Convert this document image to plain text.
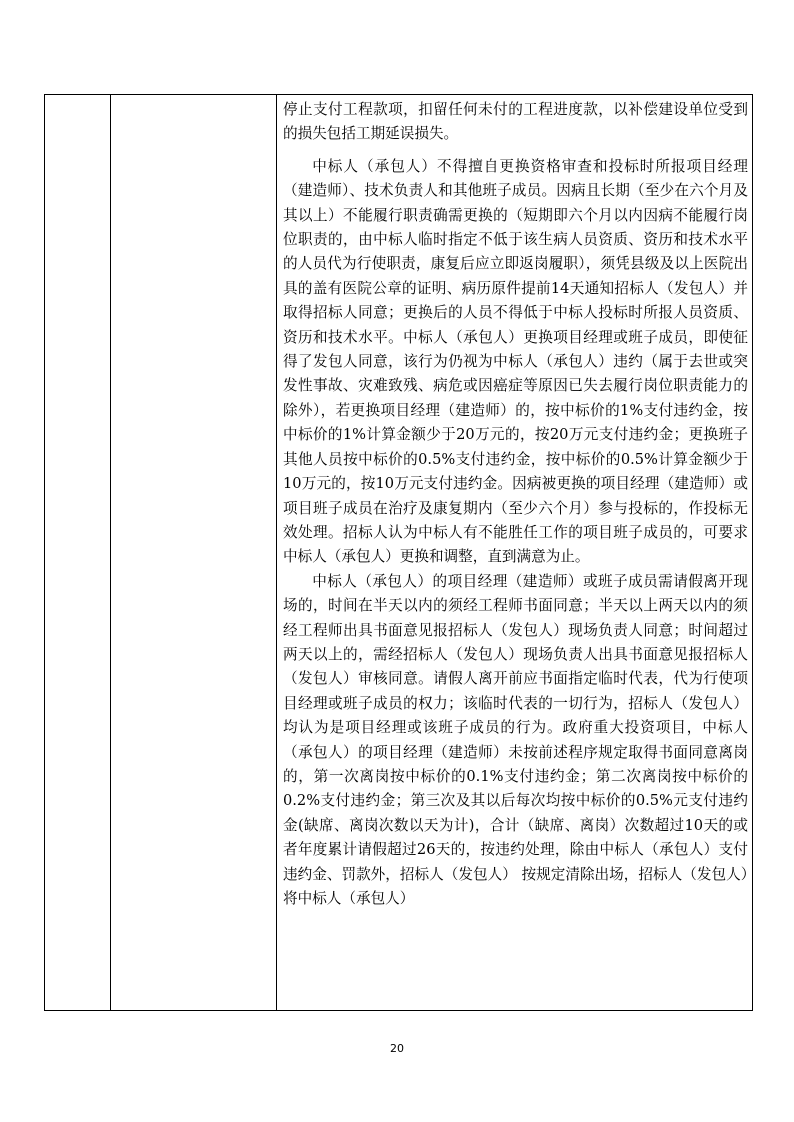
停止支付工程款项，扣留任何未付的工程进度款，以补偿建设单位受到的损失包括工期延误损失。

中标人（承包人）不得擅自更换资格审查和投标时所报项目经理（建造师）、技术负责人和其他班子成员。因病且长期（至少在六个月及其以上）不能履行职责确需更换的（短期即六个月以内因病不能履行岗位职责的，由中标人临时指定不低于该生病人员资质、资历和技术水平的人员代为行使职责，康复后应立即返岗履职），须凭县级及以上医院出具的盖有医院公章的证明、病历原件提前14天通知招标人（发包人）并取得招标人同意；更换后的人员不得低于中标人投标时所报人员资质、资历和技术水平。中标人（承包人）更换项目经理或班子成员，即使征得了发包人同意，该行为仍视为中标人（承包人）违约（属于去世或突发性事故、灾难致残、病危或因癌症等原因已失去履行岗位职责能力的除外），若更换项目经理（建造师）的，按中标价的1%支付违约金，按中标价的1%计算金额少于20万元的，按20万元支付违约金；更换班子其他人员按中标价的0.5%支付违约金，按中标价的0.5%计算金额少于10万元的，按10万元支付违约金。因病被更换的项目经理（建造师）或项目班子成员在治疗及康复期内（至少六个月）参与投标的，作投标无效处理。招标人认为中标人有不能胜任工作的项目班子成员的，可要求中标人（承包人）更换和调整，直到满意为止。

中标人（承包人）的项目经理（建造师）或班子成员需请假离开现场的，时间在半天以内的须经工程师书面同意；半天以上两天以内的须经工程师出具书面意见报招标人（发包人）现场负责人同意；时间超过两天以上的，需经招标人（发包人）现场负责人出具书面意见报招标人（发包人）审核同意。请假人离开前应书面指定临时代表，代为行使项目经理或班子成员的权力；该临时代表的一切行为，招标人（发包人）均认为是项目经理或该班子成员的行为。政府重大投资项目，中标人（承包人）的项目经理（建造师）未按前述程序规定取得书面同意离岗的，第一次离岗按中标价的0.1%支付违约金；第二次离岗按中标价的0.2%支付违约金；第三次及其以后每次均按中标价的0.5%元支付违约金(缺席、离岗次数以天为计)，合计（缺席、离岗）次数超过10天的或者年度累计请假超过26天的，按违约处理，除由中标人（承包人）支付违约金、罚款外，招标人（发包人） 按规定清除出场，招标人（发包人）将中标人（承包人）

20
